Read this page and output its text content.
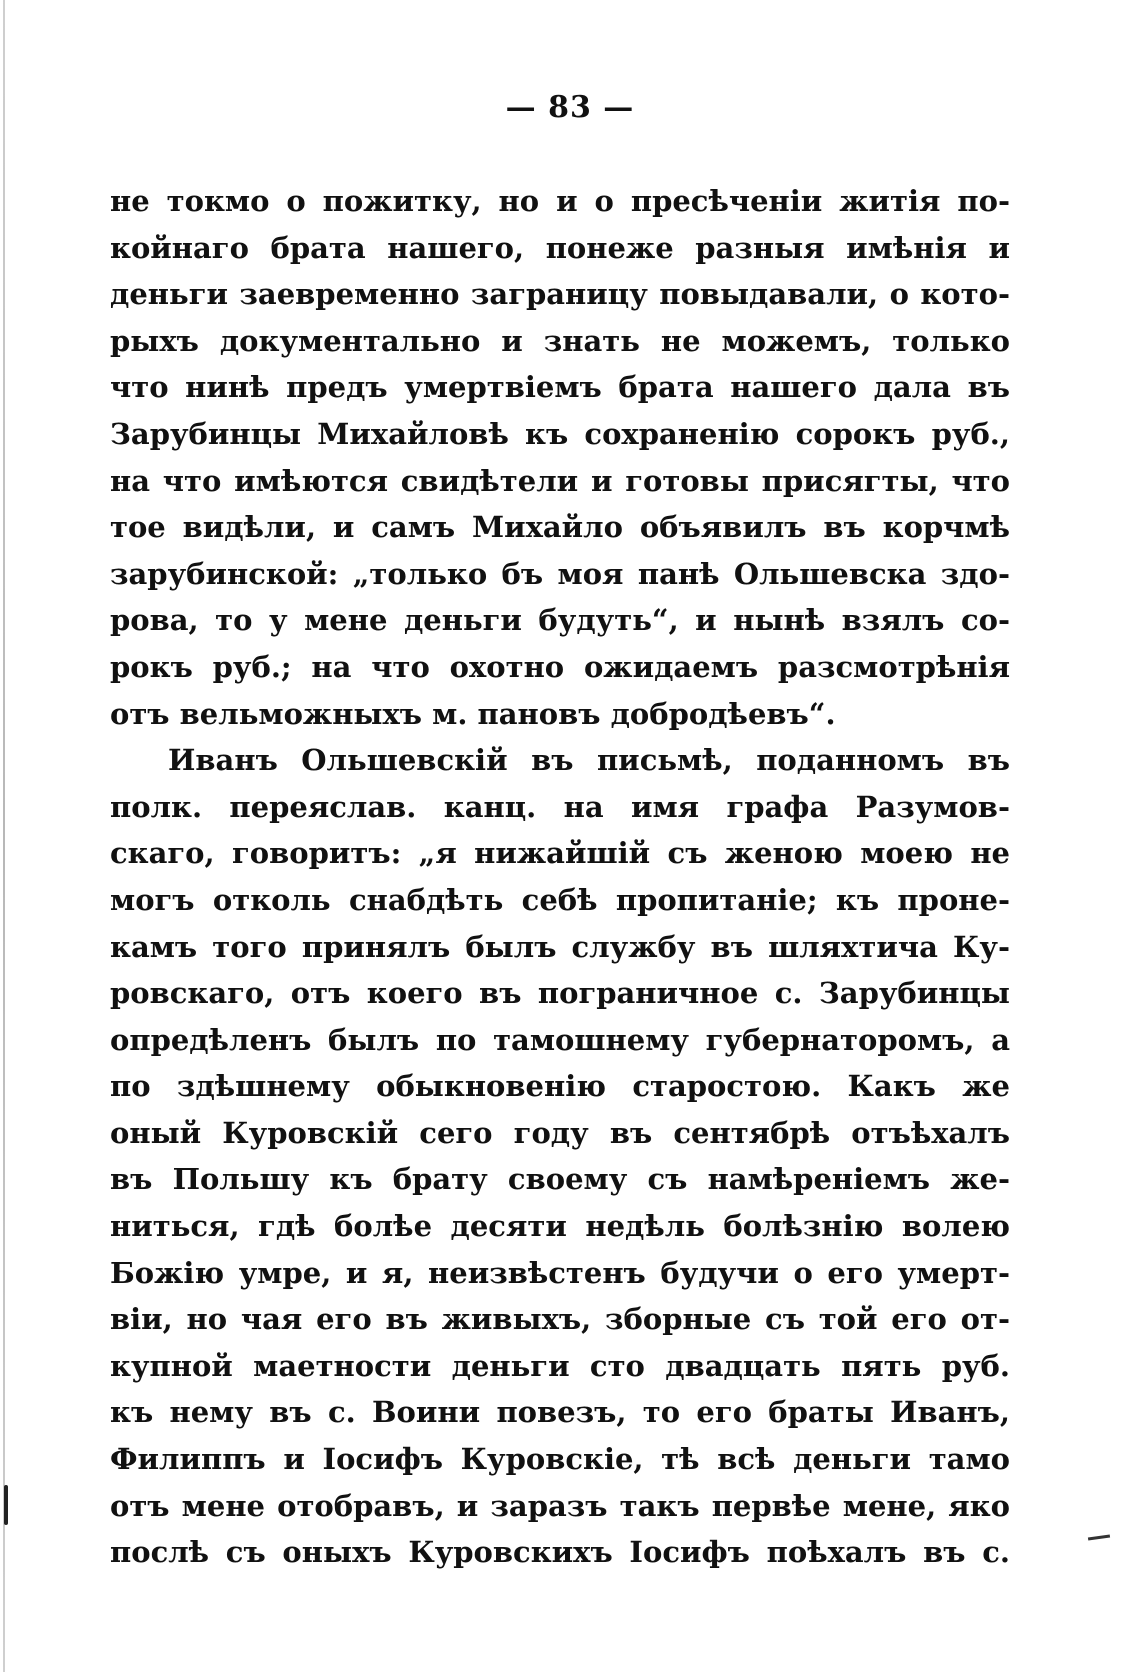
— 83 —
не токмо о пожитку, но и о пресѣченіи житія по-
койнаго брата нашего, понеже разныя имѣнія и
деньги заевременно заграницу повыдавали, о кото-
рыхъ документально и знать не можемъ, только
что нинѣ предъ умертвіемъ брата нашего дала въ
Зарубинцы Михайловѣ къ сохраненію сорокъ руб.,
на что имѣются свидѣтели и готовы присягты, что
тое видѣли, и самъ Михайло объявилъ въ корчмѣ
зарубинской: „только бъ моя панѣ Ольшевска здо-
рова, то у мене деньги будуть“, и нынѣ взялъ со-
рокъ руб.; на что охотно ожидаемъ разсмотрѣнія
отъ вельможныхъ м. пановъ добродѣевъ“.
Иванъ Ольшевскій въ письмѣ, поданномъ въ
полк. переяслав. канц. на имя графа Разумов-
скаго, говоритъ: „я нижайшій съ женою моею не
могъ отколь снабдѣть себѣ пропитаніе; къ проне-
камъ того принялъ былъ службу въ шляхтича Ку-
ровскаго, отъ коего въ пограничное с. Зарубинцы
опредѣленъ былъ по тамошнему губернаторомъ, а
по здѣшнему обыкновенію старостою. Какъ же
оный Куровскій сего году въ сентябрѣ отъѣхалъ
въ Польшу къ брату своему съ намѣреніемъ же-
ниться, гдѣ болѣе десяти недѣль болѣзнію волею
Божію умре, и я, неизвѣстенъ будучи о его умерт-
віи, но чая его въ живыхъ, зборные съ той его от-
купной маетности деньги сто двадцать пять руб.
къ нему въ с. Воини повезъ, то его браты Иванъ,
Филиппъ и Іосифъ Куровскіе, тѣ всѣ деньги тамо
отъ мене отобравъ, и заразъ такъ первѣе мене, яко
послѣ съ оныхъ Куровскихъ Іосифъ поѣхалъ въ с.
